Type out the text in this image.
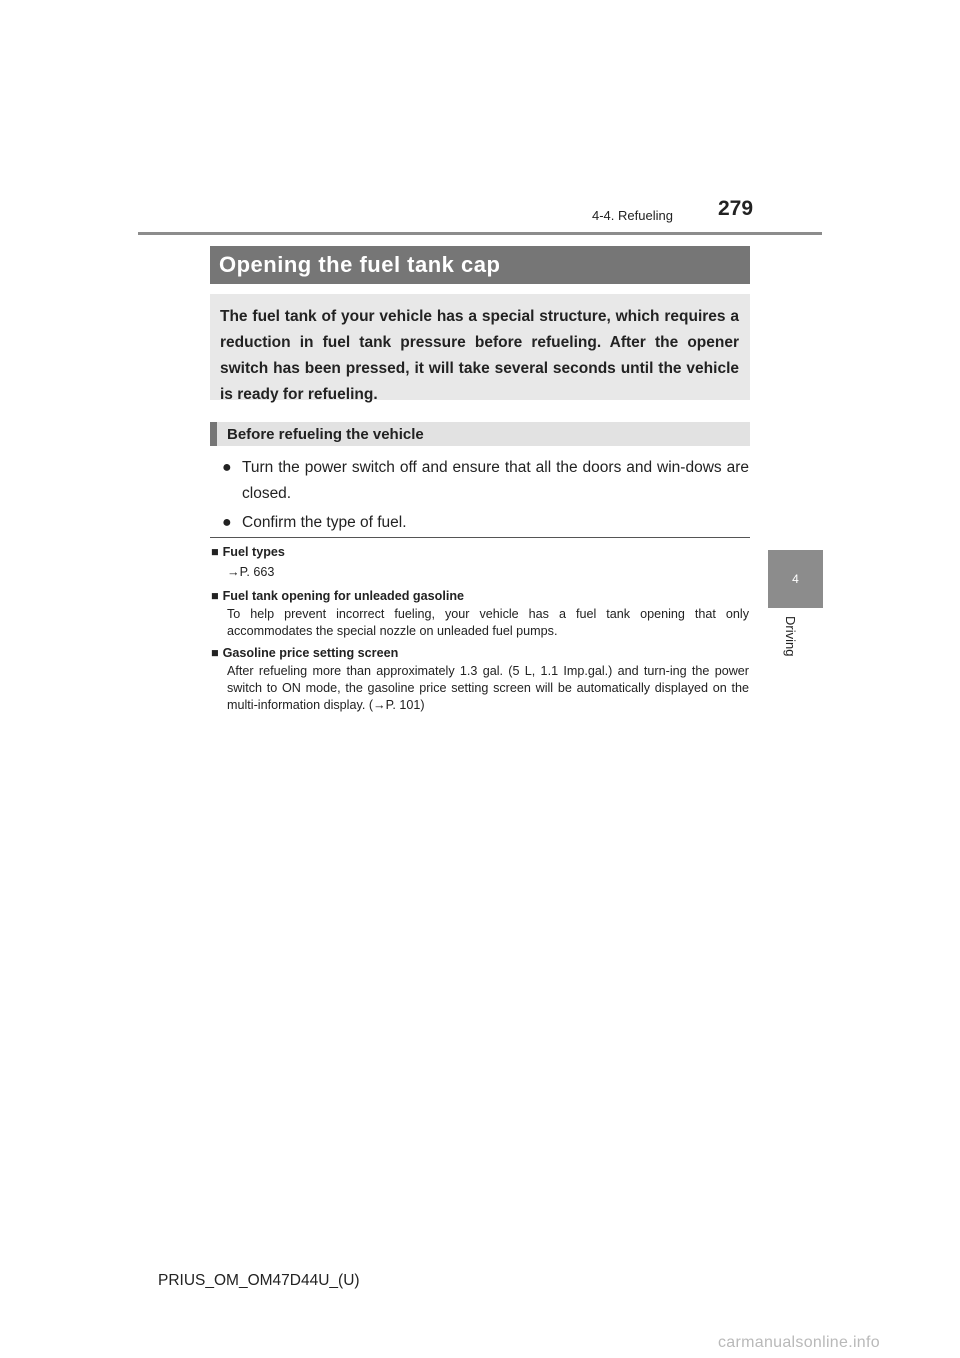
4-4. Refueling 279
4
Driving
Opening the fuel tank cap
The fuel tank of your vehicle has a special structure, which requires a reduction in fuel tank pressure before refueling. After the opener switch has been pressed, it will take several seconds until the vehicle is ready for refueling.
Before refueling the vehicle
● Turn the power switch off and ensure that all the doors and win-dows are closed.
● Confirm the type of fuel.
■ Fuel types
→P. 663
■ Fuel tank opening for unleaded gasoline
To help prevent incorrect fueling, your vehicle has a fuel tank opening that only accommodates the special nozzle on unleaded fuel pumps.
■ Gasoline price setting screen
After refueling more than approximately 1.3 gal. (5 L, 1.1 Imp.gal.) and turn-ing the power switch to ON mode, the gasoline price setting screen will be automatically displayed on the multi-information display. (→P. 101)
PRIUS_OM_OM47D44U_(U)
carmanualsonline.info
